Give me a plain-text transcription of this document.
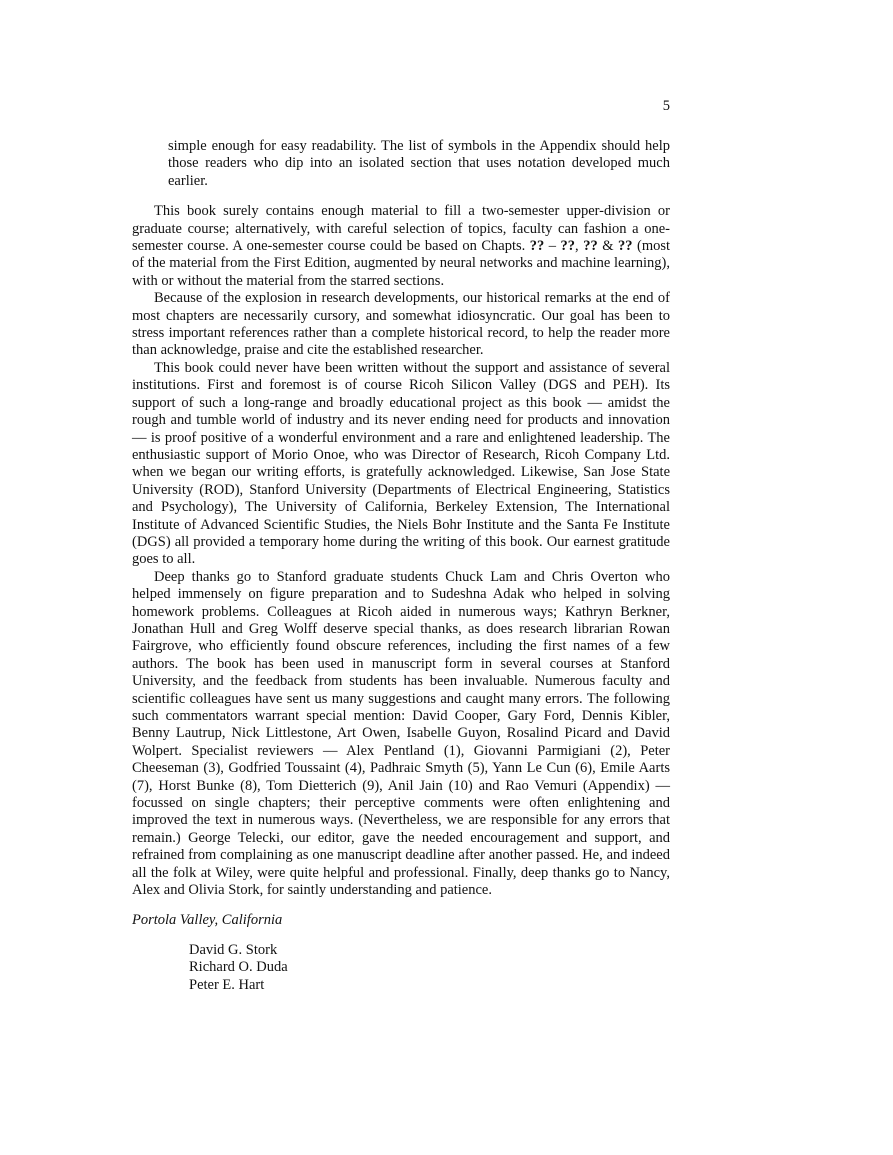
5

simple enough for easy readability. The list of symbols in the Appendix should help those readers who dip into an isolated section that uses notation developed much earlier.

This book surely contains enough material to fill a two-semester upper-division or graduate course; alternatively, with careful selection of topics, faculty can fashion a one-semester course. A one-semester course could be based on Chapts. ?? – ??, ?? & ?? (most of the material from the First Edition, augmented by neural networks and machine learning), with or without the material from the starred sections.

Because of the explosion in research developments, our historical remarks at the end of most chapters are necessarily cursory, and somewhat idiosyncratic. Our goal has been to stress important references rather than a complete historical record, to help the reader more than acknowledge, praise and cite the established researcher.

This book could never have been written without the support and assistance of several institutions. First and foremost is of course Ricoh Silicon Valley (DGS and PEH). Its support of such a long-range and broadly educational project as this book — amidst the rough and tumble world of industry and its never ending need for products and innovation — is proof positive of a wonderful environment and a rare and enlightened leadership. The enthusiastic support of Morio Onoe, who was Director of Research, Ricoh Company Ltd. when we began our writing efforts, is gratefully acknowledged. Likewise, San Jose State University (ROD), Stanford University (Departments of Electrical Engineering, Statistics and Psychology), The University of California, Berkeley Extension, The International Institute of Advanced Scientific Studies, the Niels Bohr Institute and the Santa Fe Institute (DGS) all provided a temporary home during the writing of this book. Our earnest gratitude goes to all.

Deep thanks go to Stanford graduate students Chuck Lam and Chris Overton who helped immensely on figure preparation and to Sudeshna Adak who helped in solving homework problems. Colleagues at Ricoh aided in numerous ways; Kathryn Berkner, Jonathan Hull and Greg Wolff deserve special thanks, as does research librarian Rowan Fairgrove, who efficiently found obscure references, including the first names of a few authors. The book has been used in manuscript form in several courses at Stanford University, and the feedback from students has been invaluable. Numerous faculty and scientific colleagues have sent us many suggestions and caught many errors. The following such commentators warrant special mention: David Cooper, Gary Ford, Dennis Kibler, Benny Lautrup, Nick Littlestone, Art Owen, Isabelle Guyon, Rosalind Picard and David Wolpert. Specialist reviewers — Alex Pentland (1), Giovanni Parmigiani (2), Peter Cheeseman (3), Godfried Toussaint (4), Padhraic Smyth (5), Yann Le Cun (6), Emile Aarts (7), Horst Bunke (8), Tom Dietterich (9), Anil Jain (10) and Rao Vemuri (Appendix) — focussed on single chapters; their perceptive comments were often enlightening and improved the text in numerous ways. (Nevertheless, we are responsible for any errors that remain.) George Telecki, our editor, gave the needed encouragement and support, and refrained from complaining as one manuscript deadline after another passed. He, and indeed all the folk at Wiley, were quite helpful and professional. Finally, deep thanks go to Nancy, Alex and Olivia Stork, for saintly understanding and patience.

Portola Valley, California

David G. Stork
Richard O. Duda
Peter E. Hart
